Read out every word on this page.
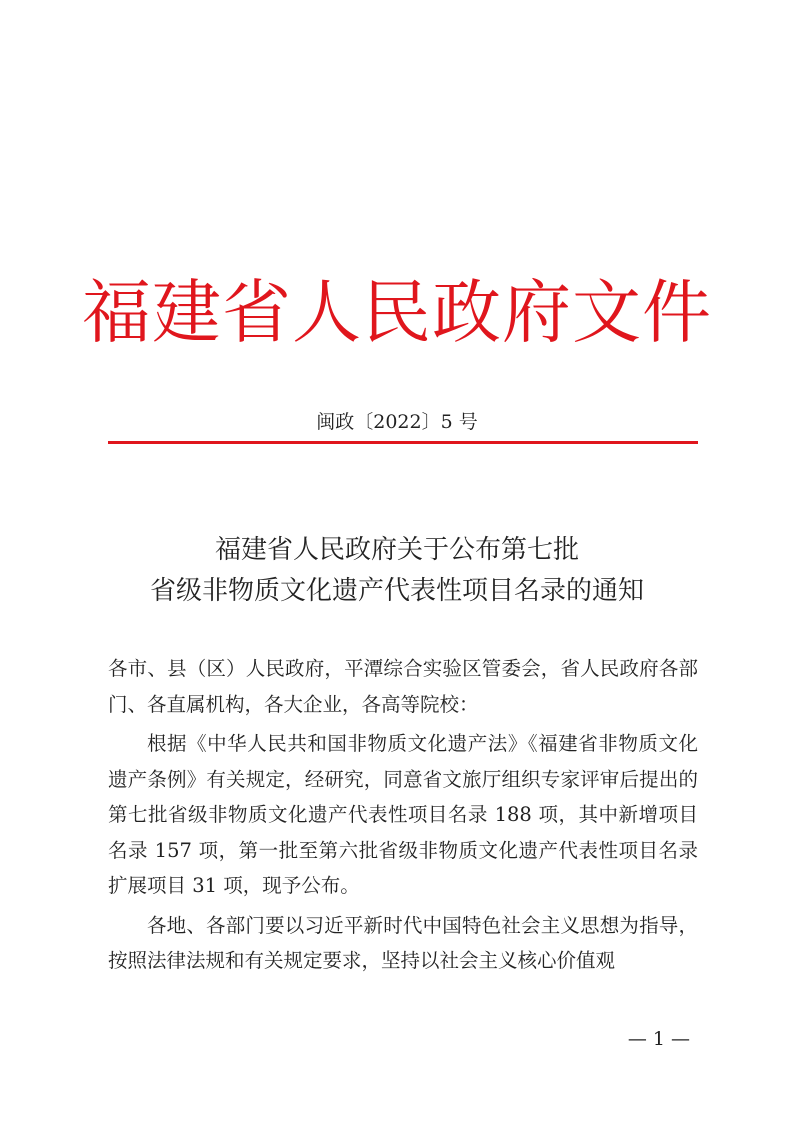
福建省人民政府文件
闽政〔2022〕5 号
福建省人民政府关于公布第七批
省级非物质文化遗产代表性项目名录的通知

各市、县（区）人民政府，平潭综合实验区管委会，省人民政府各部门、各直属机构，各大企业，各高等院校：

根据《中华人民共和国非物质文化遗产法》《福建省非物质文化遗产条例》有关规定，经研究，同意省文旅厅组织专家评审后提出的第七批省级非物质文化遗产代表性项目名录 188 项，其中新增项目名录 157 项，第一批至第六批省级非物质文化遗产代表性项目名录扩展项目 31 项，现予公布。

各地、各部门要以习近平新时代中国特色社会主义思想为指导，按照法律法规和有关规定要求，坚持以社会主义核心价值观

— 1 —
